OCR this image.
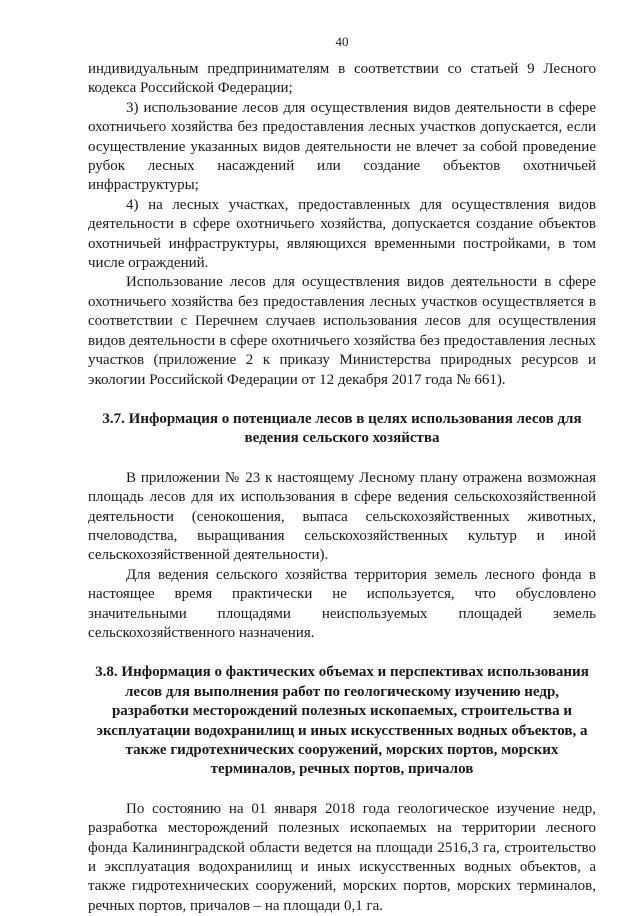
40

индивидуальным предпринимателям в соответствии со статьей 9 Лесного кодекса Российской Федерации;

3) использование лесов для осуществления видов деятельности в сфере охотничьего хозяйства без предоставления лесных участков допускается, если осуществление указанных видов деятельности не влечет за собой проведение рубок лесных насаждений или создание объектов охотничьей инфраструктуры;

4) на лесных участках, предоставленных для осуществления видов деятельности в сфере охотничьего хозяйства, допускается создание объектов охотничьей инфраструктуры, являющихся временными постройками, в том числе ограждений.

Использование лесов для осуществления видов деятельности в сфере охотничьего хозяйства без предоставления лесных участков осуществляется в соответствии с Перечнем случаев использования лесов для осуществления видов деятельности в сфере охотничьего хозяйства без предоставления лесных участков (приложение 2 к приказу Министерства природных ресурсов и экологии Российской Федерации от 12 декабря 2017 года № 661).

3.7. Информация о потенциале лесов в целях использования лесов для ведения сельского хозяйства

В приложении № 23 к настоящему Лесному плану отражена возможная площадь лесов для их использования в сфере ведения сельскохозяйственной деятельности (сенокошения, выпаса сельскохозяйственных животных, пчеловодства, выращивания сельскохозяйственных культур и иной сельскохозяйственной деятельности).

Для ведения сельского хозяйства территория земель лесного фонда в настоящее время практически не используется, что обусловлено значительными площадями неиспользуемых площадей земель сельскохозяйственного назначения.

3.8. Информация о фактических объемах и перспективах использования лесов для выполнения работ по геологическому изучению недр, разработки месторождений полезных ископаемых, строительства и эксплуатации водохранилищ и иных искусственных водных объектов, а также гидротехнических сооружений, морских портов, морских терминалов, речных портов, причалов

По состоянию на 01 января 2018 года геологическое изучение недр, разработка месторождений полезных ископаемых на территории лесного фонда Калининградской области ведется на площади 2516,3 га, строительство и эксплуатация водохранилищ и иных искусственных водных объектов, а также гидротехнических сооружений, морских портов, морских терминалов, речных портов, причалов – на площади 0,1 га.
